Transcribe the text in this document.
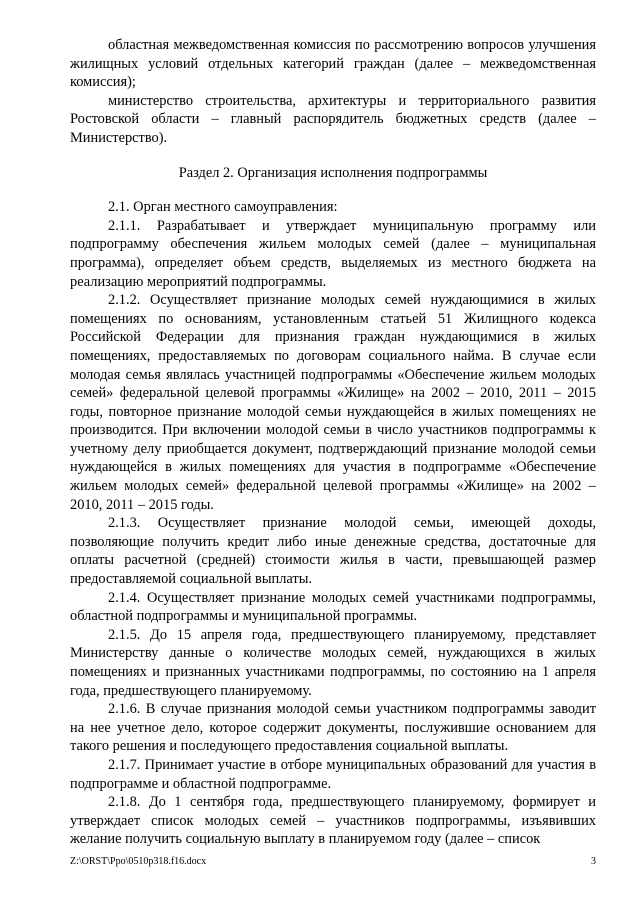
областная межведомственная комиссия по рассмотрению вопросов улучшения жилищных условий отдельных категорий граждан (далее – межведомственная комиссия);

министерство строительства, архитектуры и территориального развития Ростовской области – главный распорядитель бюджетных средств (далее – Министерство).

Раздел 2. Организация исполнения подпрограммы

2.1. Орган местного самоуправления:

2.1.1. Разрабатывает и утверждает муниципальную программу или подпрограмму обеспечения жильем молодых семей (далее – муниципальная программа), определяет объем средств, выделяемых из местного бюджета на реализацию мероприятий подпрограммы.

2.1.2. Осуществляет признание молодых семей нуждающимися в жилых помещениях по основаниям, установленным статьей 51 Жилищного кодекса Российской Федерации для признания граждан нуждающимися в жилых помещениях, предоставляемых по договорам социального найма. В случае если молодая семья являлась участницей подпрограммы «Обеспечение жильем молодых семей» федеральной целевой программы «Жилище» на 2002 – 2010, 2011 – 2015 годы, повторное признание молодой семьи нуждающейся в жилых помещениях не производится. При включении молодой семьи в число участников подпрограммы к учетному делу приобщается документ, подтверждающий признание молодой семьи нуждающейся в жилых помещениях для участия в подпрограмме «Обеспечение жильем молодых семей» федеральной целевой программы «Жилище» на 2002 – 2010, 2011 – 2015 годы.

2.1.3. Осуществляет признание молодой семьи, имеющей доходы, позволяющие получить кредит либо иные денежные средства, достаточные для оплаты расчетной (средней) стоимости жилья в части, превышающей размер предоставляемой социальной выплаты.

2.1.4. Осуществляет признание молодых семей участниками подпрограммы, областной подпрограммы и муниципальной программы.

2.1.5. До 15 апреля года, предшествующего планируемому, представляет Министерству данные о количестве молодых семей, нуждающихся в жилых помещениях и признанных участниками подпрограммы, по состоянию на 1 апреля года, предшествующего планируемому.

2.1.6. В случае признания молодой семьи участником подпрограммы заводит на нее учетное дело, которое содержит документы, послужившие основанием для такого решения и последующего предоставления социальной выплаты.

2.1.7. Принимает участие в отборе муниципальных образований для участия в подпрограмме и областной подпрограмме.

2.1.8. До 1 сентября года, предшествующего планируемому, формирует и утверждает список молодых семей – участников подпрограммы, изъявивших желание получить социальную выплату в планируемом году (далее – список

Z:\ORST\Ppo\0510p318.f16.docx	3
